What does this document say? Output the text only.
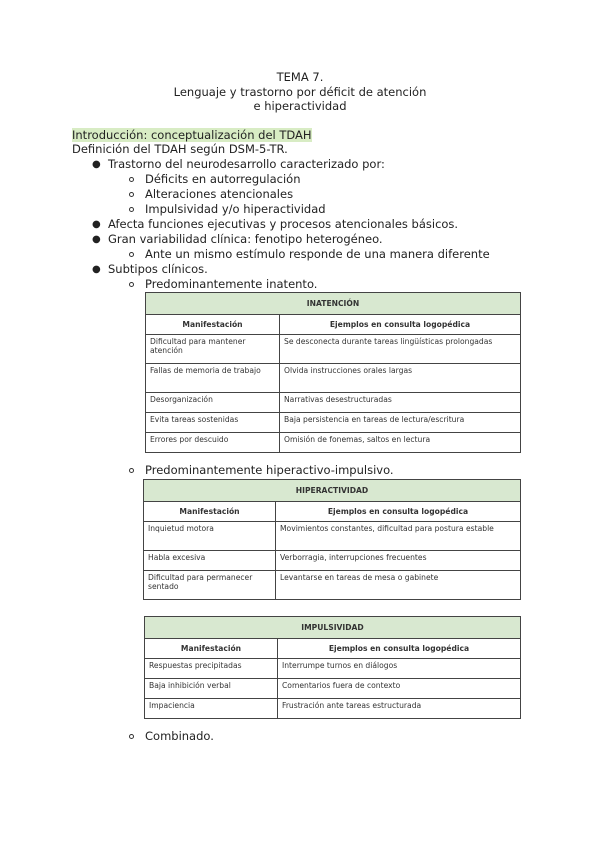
TEMA 7.
Lenguaje y trastorno por déficit de atención
e hiperactividad
Introducción: conceptualización del TDAH
Definición del TDAH según DSM-5-TR.
● Trastorno del neurodesarrollo caracterizado por:
Déficits en autorregulación
Alteraciones atencionales
Impulsividad y/o hiperactividad
● Afecta funciones ejecutivas y procesos atencionales básicos.
● Gran variabilidad clínica: fenotipo heterogéneo.
Ante un mismo estímulo responde de una manera diferente
● Subtipos clínicos.
Predominantemente inatento.
INATENCIÓN	
Manifestación	Ejemplos en consulta logopédica
Dificultad para mantener atención	Se desconecta durante tareas lingüísticas prolongadas
Fallas de memoria de trabajo	Olvida instrucciones orales largas
Desorganización	Narrativas desestructuradas
Evita tareas sostenidas	Baja persistencia en tareas de lectura/escritura
Errores por descuido	Omisión de fonemas, saltos en lectura
Predominantemente hiperactivo-impulsivo.
HIPERACTIVIDAD	
Manifestación	Ejemplos en consulta logopédica
Inquietud motora	Movimientos constantes, dificultad para postura estable
Habla excesiva	Verborragia, interrupciones frecuentes
Dificultad para permanecer sentado	Levantarse en tareas de mesa o gabinete
IMPULSIVIDAD	
Manifestación	Ejemplos en consulta logopédica
Respuestas precipitadas	Interrumpe turnos en diálogos
Baja inhibición verbal	Comentarios fuera de contexto
Impaciencia	Frustración ante tareas estructurada
Combinado.
